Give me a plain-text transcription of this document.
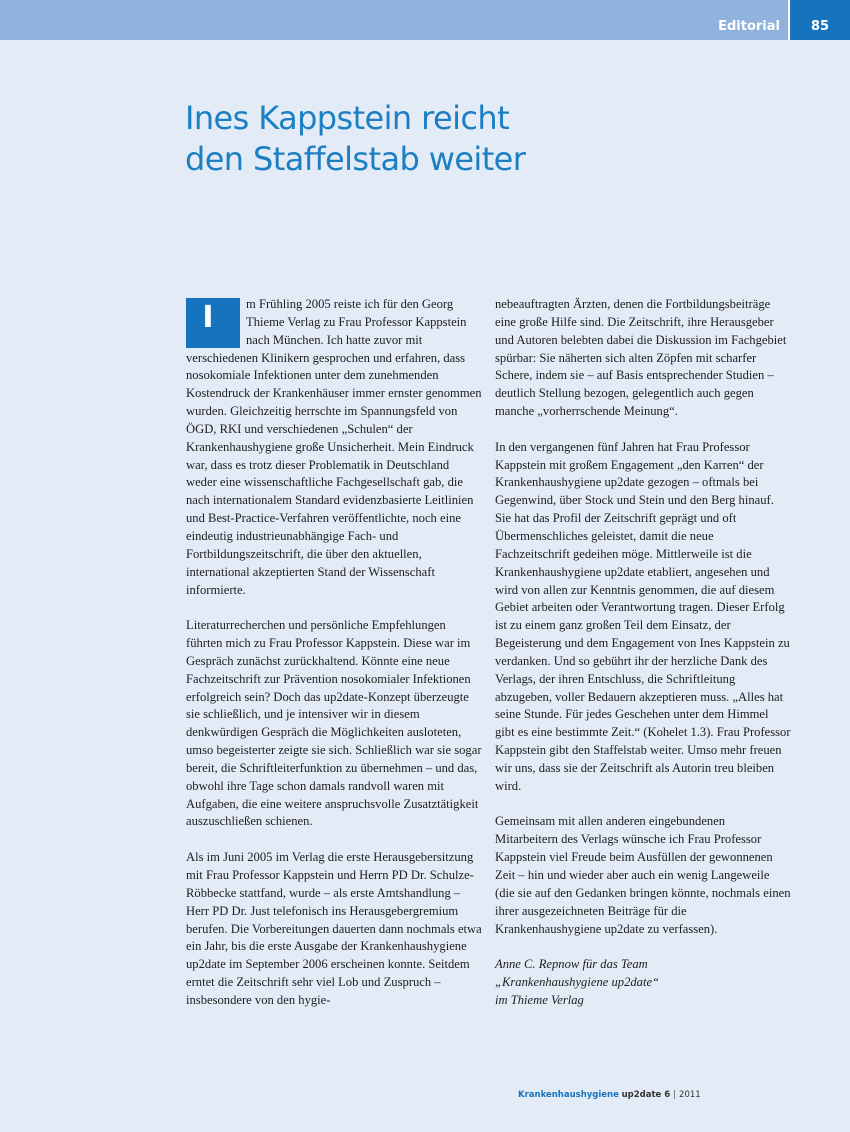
Editorial	85
Ines Kappstein reicht
den Staffelstab weiter

I	m Frühling 2005 reiste ich für den Georg Thieme Verlag zu Frau Professor Kappstein nach München. Ich hatte zuvor mit verschiedenen Klinikern gesprochen und erfahren, dass nosokomiale Infektionen unter dem zunehmenden Kostendruck der Krankenhäuser immer ernster genommen wurden. Gleichzeitig herrschte im Spannungsfeld von ÖGD, RKI und verschiedenen „Schulen“ der Krankenhaushygiene große Unsicherheit. Mein Eindruck war, dass es trotz dieser Problematik in Deutschland weder eine wissenschaftliche Fachgesellschaft gab, die nach internationalem Standard evidenzbasierte Leitlinien und Best-Practice-Verfahren veröffentlichte, noch eine eindeutig industrieunabhängige Fach- und Fortbildungszeitschrift, die über den aktuellen, international akzeptierten Stand der Wissenschaft informierte.

Literaturrecherchen und persönliche Empfehlungen führten mich zu Frau Professor Kappstein. Diese war im Gespräch zunächst zurückhaltend. Könnte eine neue Fachzeitschrift zur Prävention nosokomialer Infektionen erfolgreich sein? Doch das up2date-Konzept überzeugte sie schließlich, und je intensiver wir in diesem denkwürdigen Gespräch die Möglichkeiten ausloteten, umso begeisterter zeigte sie sich. Schließlich war sie sogar bereit, die Schriftleiterfunktion zu übernehmen – und das, obwohl ihre Tage schon damals randvoll waren mit Aufgaben, die eine weitere anspruchsvolle Zusatztätigkeit auszuschließen schienen.

Als im Juni 2005 im Verlag die erste Herausgebersitzung mit Frau Professor Kappstein und Herrn PD Dr. Schulze-Röbbecke stattfand, wurde – als erste Amtshandlung – Herr PD Dr. Just telefonisch ins Herausgebergremium berufen. Die Vorbereitungen dauerten dann nochmals etwa ein Jahr, bis die erste Ausgabe der Krankenhaushygiene up2date im September 2006 erscheinen konnte. Seitdem erntet die Zeitschrift sehr viel Lob und Zuspruch – insbesondere von den hygie-

nebeauftragten Ärzten, denen die Fortbildungsbeiträge eine große Hilfe sind. Die Zeitschrift, ihre Herausgeber und Autoren belebten dabei die Diskussion im Fachgebiet spürbar: Sie näherten sich alten Zöpfen mit scharfer Schere, indem sie – auf Basis entsprechender Studien – deutlich Stellung bezogen, gelegentlich auch gegen manche „vorherrschende Meinung“.

In den vergangenen fünf Jahren hat Frau Professor Kappstein mit großem Engagement „den Karren“ der Krankenhaushygiene up2date gezogen – oftmals bei Gegenwind, über Stock und Stein und den Berg hinauf. Sie hat das Profil der Zeitschrift geprägt und oft Übermenschliches geleistet, damit die neue Fachzeitschrift gedeihen möge. Mittlerweile ist die Krankenhaushygiene up2date etabliert, angesehen und wird von allen zur Kenntnis genommen, die auf diesem Gebiet arbeiten oder Verantwortung tragen. Dieser Erfolg ist zu einem ganz großen Teil dem Einsatz, der Begeisterung und dem Engagement von Ines Kappstein zu verdanken. Und so gebührt ihr der herzliche Dank des Verlags, der ihren Entschluss, die Schriftleitung abzugeben, voller Bedauern akzeptieren muss. „Alles hat seine Stunde. Für jedes Geschehen unter dem Himmel gibt es eine bestimmte Zeit.“ (Kohelet 1.3). Frau Professor Kappstein gibt den Staffelstab weiter. Umso mehr freuen wir uns, dass sie der Zeitschrift als Autorin treu bleiben wird.

Gemeinsam mit allen anderen eingebundenen Mitarbeitern des Verlags wünsche ich Frau Professor Kappstein viel Freude beim Ausfüllen der gewonnenen Zeit – hin und wieder aber auch ein wenig Langeweile (die sie auf den Gedanken bringen könnte, nochmals einen ihrer ausgezeichneten Beiträge für die Krankenhaushygiene up2date zu verfassen).

Anne C. Repnow für das Team
„Krankenhaushygiene up2date“
im Thieme Verlag
Krankenhaushygiene up2date 6 | 2011
